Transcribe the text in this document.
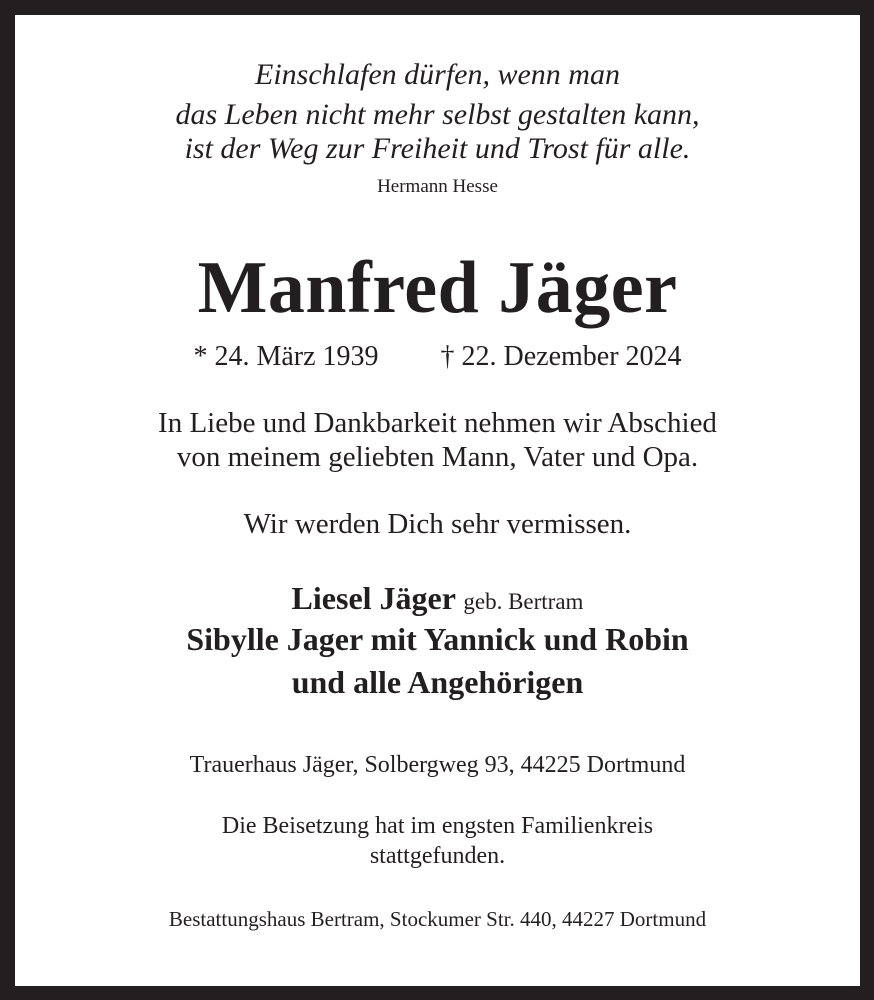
Einschlafen dürfen, wenn man
das Leben nicht mehr selbst gestalten kann,
ist der Weg zur Freiheit und Trost für alle.
Hermann Hesse
Manfred Jäger
* 24. März 1939 † 22. Dezember 2024
In Liebe und Dankbarkeit nehmen wir Abschied
von meinem geliebten Mann, Vater und Opa.
Wir werden Dich sehr vermissen.
Liesel Jäger geb. Bertram
Sibylle Jager mit Yannick und Robin
und alle Angehörigen
Trauerhaus Jäger, Solbergweg 93, 44225 Dortmund
Die Beisetzung hat im engsten Familienkreis
stattgefunden.
Bestattungshaus Bertram, Stockumer Str. 440, 44227 Dortmund
